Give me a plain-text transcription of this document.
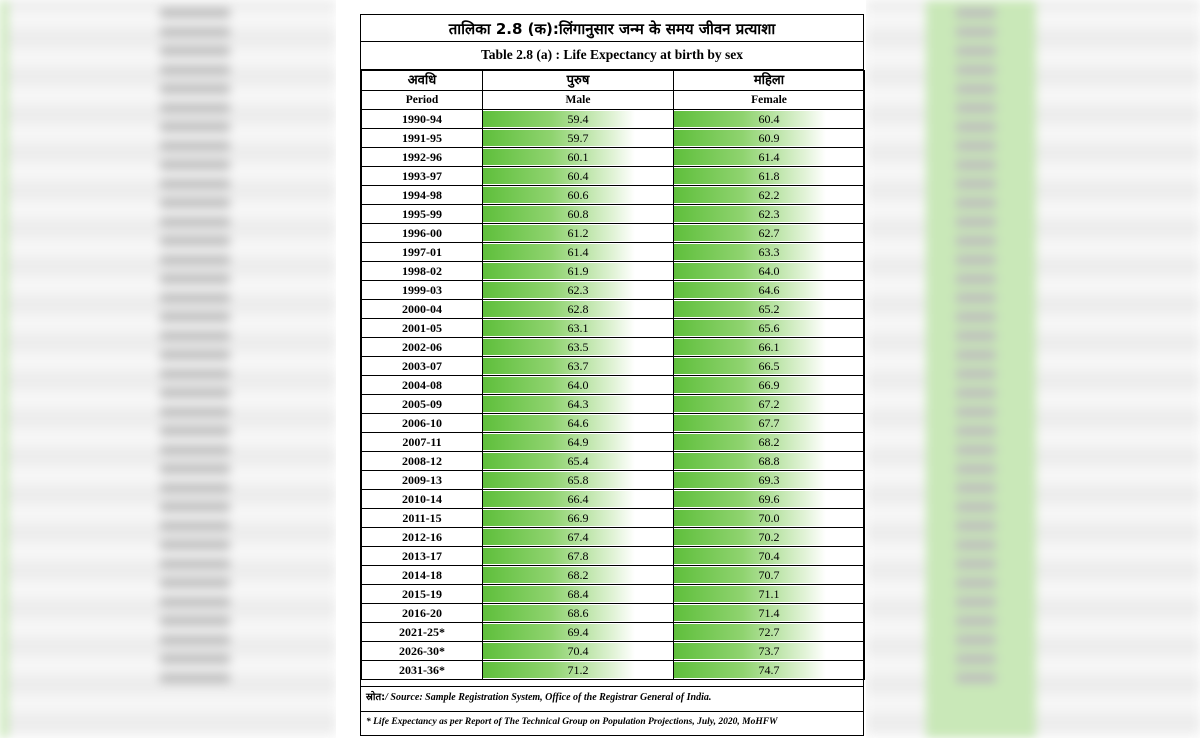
तालिका 2.8 (क):लिंगानुसार जन्म के समय जीवन प्रत्याशा
Table 2.8 (a) : Life Expectancy at birth by sex
अवधि	पुरुष	महिला
Period	Male	Female
1990-94	59.4	60.4
1991-95	59.7	60.9
1992-96	60.1	61.4
1993-97	60.4	61.8
1994-98	60.6	62.2
1995-99	60.8	62.3
1996-00	61.2	62.7
1997-01	61.4	63.3
1998-02	61.9	64.0
1999-03	62.3	64.6
2000-04	62.8	65.2
2001-05	63.1	65.6
2002-06	63.5	66.1
2003-07	63.7	66.5
2004-08	64.0	66.9
2005-09	64.3	67.2
2006-10	64.6	67.7
2007-11	64.9	68.2
2008-12	65.4	68.8
2009-13	65.8	69.3
2010-14	66.4	69.6
2011-15	66.9	70.0
2012-16	67.4	70.2
2013-17	67.8	70.4
2014-18	68.2	70.7
2015-19	68.4	71.1
2016-20	68.6	71.4
2021-25*	69.4	72.7
2026-30*	70.4	73.7
2031-36*	71.2	74.7
स्रोत:/ Source: Sample Registration System, Office of the Registrar General of India.
* Life Expectancy as per Report of The Technical Group on Population Projections, July, 2020, MoHFW
